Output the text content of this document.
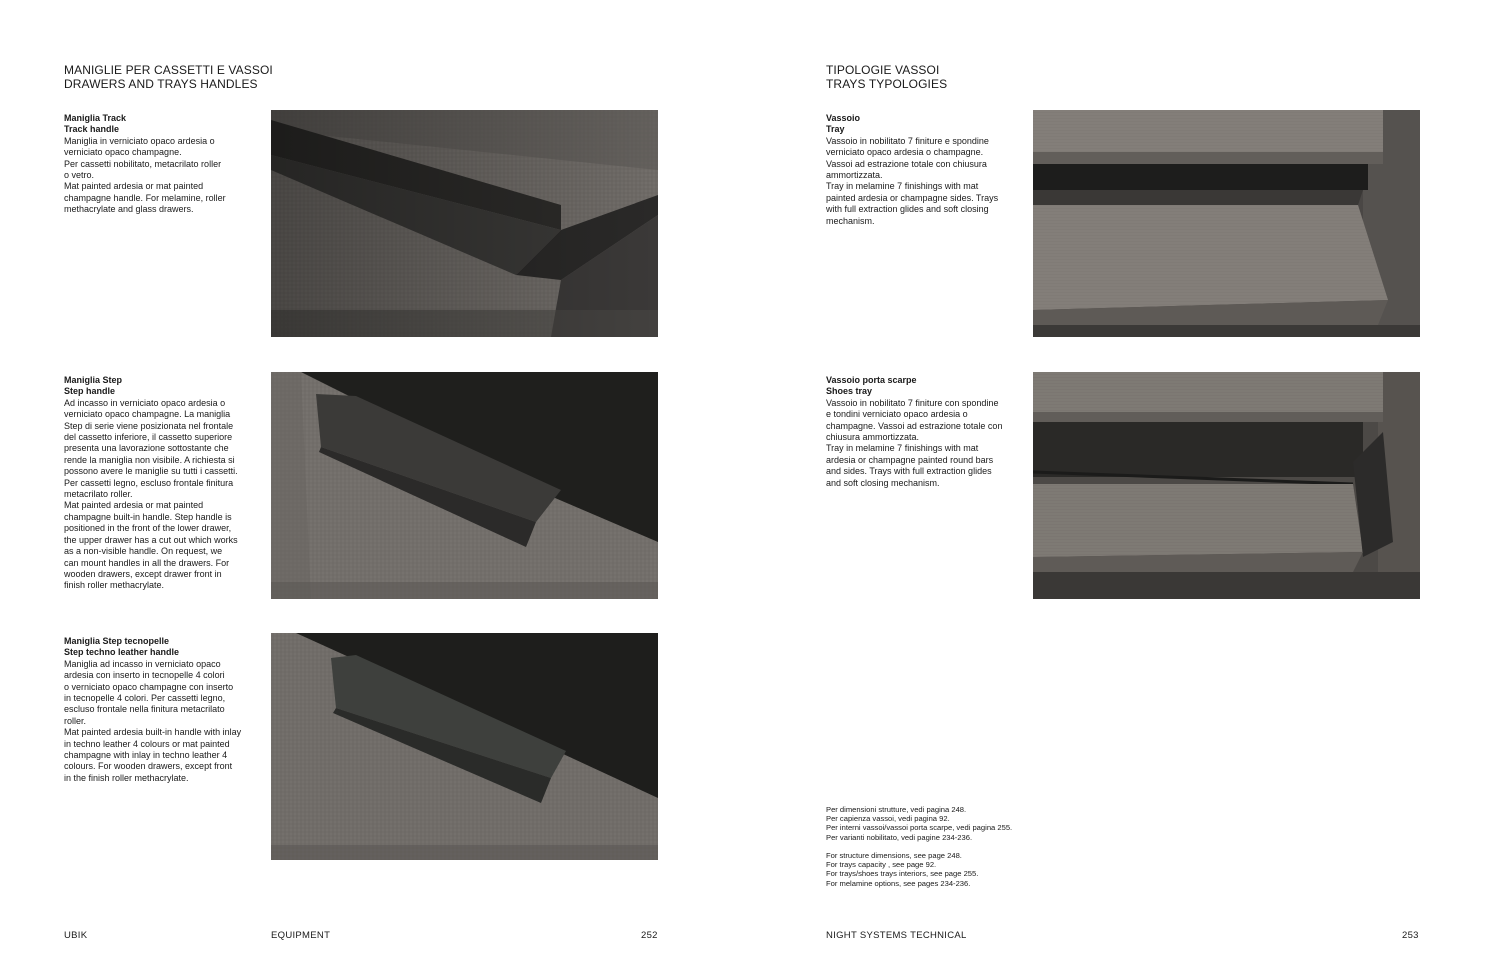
MANIGLIE PER CASSETTI E VASSOI
DRAWERS AND TRAYS HANDLES
Maniglia Track
Track handle
Maniglia in verniciato opaco ardesia o
verniciato opaco champagne.
Per cassetti nobilitato, metacrilato roller
o vetro.
Mat painted ardesia or mat painted
champagne handle. For melamine, roller
methacrylate and glass drawers.
Maniglia Step
Step handle
Ad incasso in verniciato opaco ardesia o
verniciato opaco champagne. La maniglia
Step di serie viene posizionata nel frontale
del cassetto inferiore, il cassetto superiore
presenta una lavorazione sottostante che
rende la maniglia non visibile. A richiesta si
possono avere le maniglie su tutti i cassetti.
Per cassetti legno, escluso frontale finitura
metacrilato roller.
Mat painted ardesia or mat painted
champagne built-in handle. Step handle is
positioned in the front of the lower drawer,
the upper drawer has a cut out which works
as a non-visible handle. On request, we
can mount handles in all the drawers. For
wooden drawers, except drawer front in
finish roller methacrylate.
Maniglia Step tecnopelle
Step techno leather handle
Maniglia ad incasso in verniciato opaco
ardesia con inserto in tecnopelle 4 colori
o verniciato opaco champagne con inserto
in tecnopelle 4 colori. Per cassetti legno,
escluso frontale nella finitura metacrilato
roller.
Mat painted ardesia built-in handle with inlay
in techno leather 4 colours or mat painted
champagne with inlay in techno leather 4
colours. For wooden drawers, except front
in the finish roller methacrylate.
UBIK	EQUIPMENT	252
TIPOLOGIE VASSOI
TRAYS TYPOLOGIES
Vassoio
Tray
Vassoio in nobilitato 7 finiture e spondine
verniciato opaco ardesia o champagne.
Vassoi ad estrazione totale con chiusura
ammortizzata.
Tray in melamine 7 finishings with mat
painted ardesia or champagne sides. Trays
with full extraction glides and soft closing
mechanism.
Vassoio porta scarpe
Shoes tray
Vassoio in nobilitato 7 finiture con spondine
e tondini verniciato opaco ardesia o
champagne. Vassoi ad estrazione totale con
chiusura ammortizzata.
Tray in melamine 7 finishings with mat
ardesia or champagne painted round bars
and sides. Trays with full extraction glides
and soft closing mechanism.
Per dimensioni strutture, vedi pagina 248.
Per capienza vassoi, vedi pagina 92.
Per interni vassoi/vassoi porta scarpe, vedi pagina 255.
Per varianti nobilitato, vedi pagine 234-236.
For structure dimensions, see page 248.
For trays capacity , see page 92.
For trays/shoes trays interiors, see page 255.
For melamine options, see pages 234-236.
NIGHT SYSTEMS TECHNICAL	253
